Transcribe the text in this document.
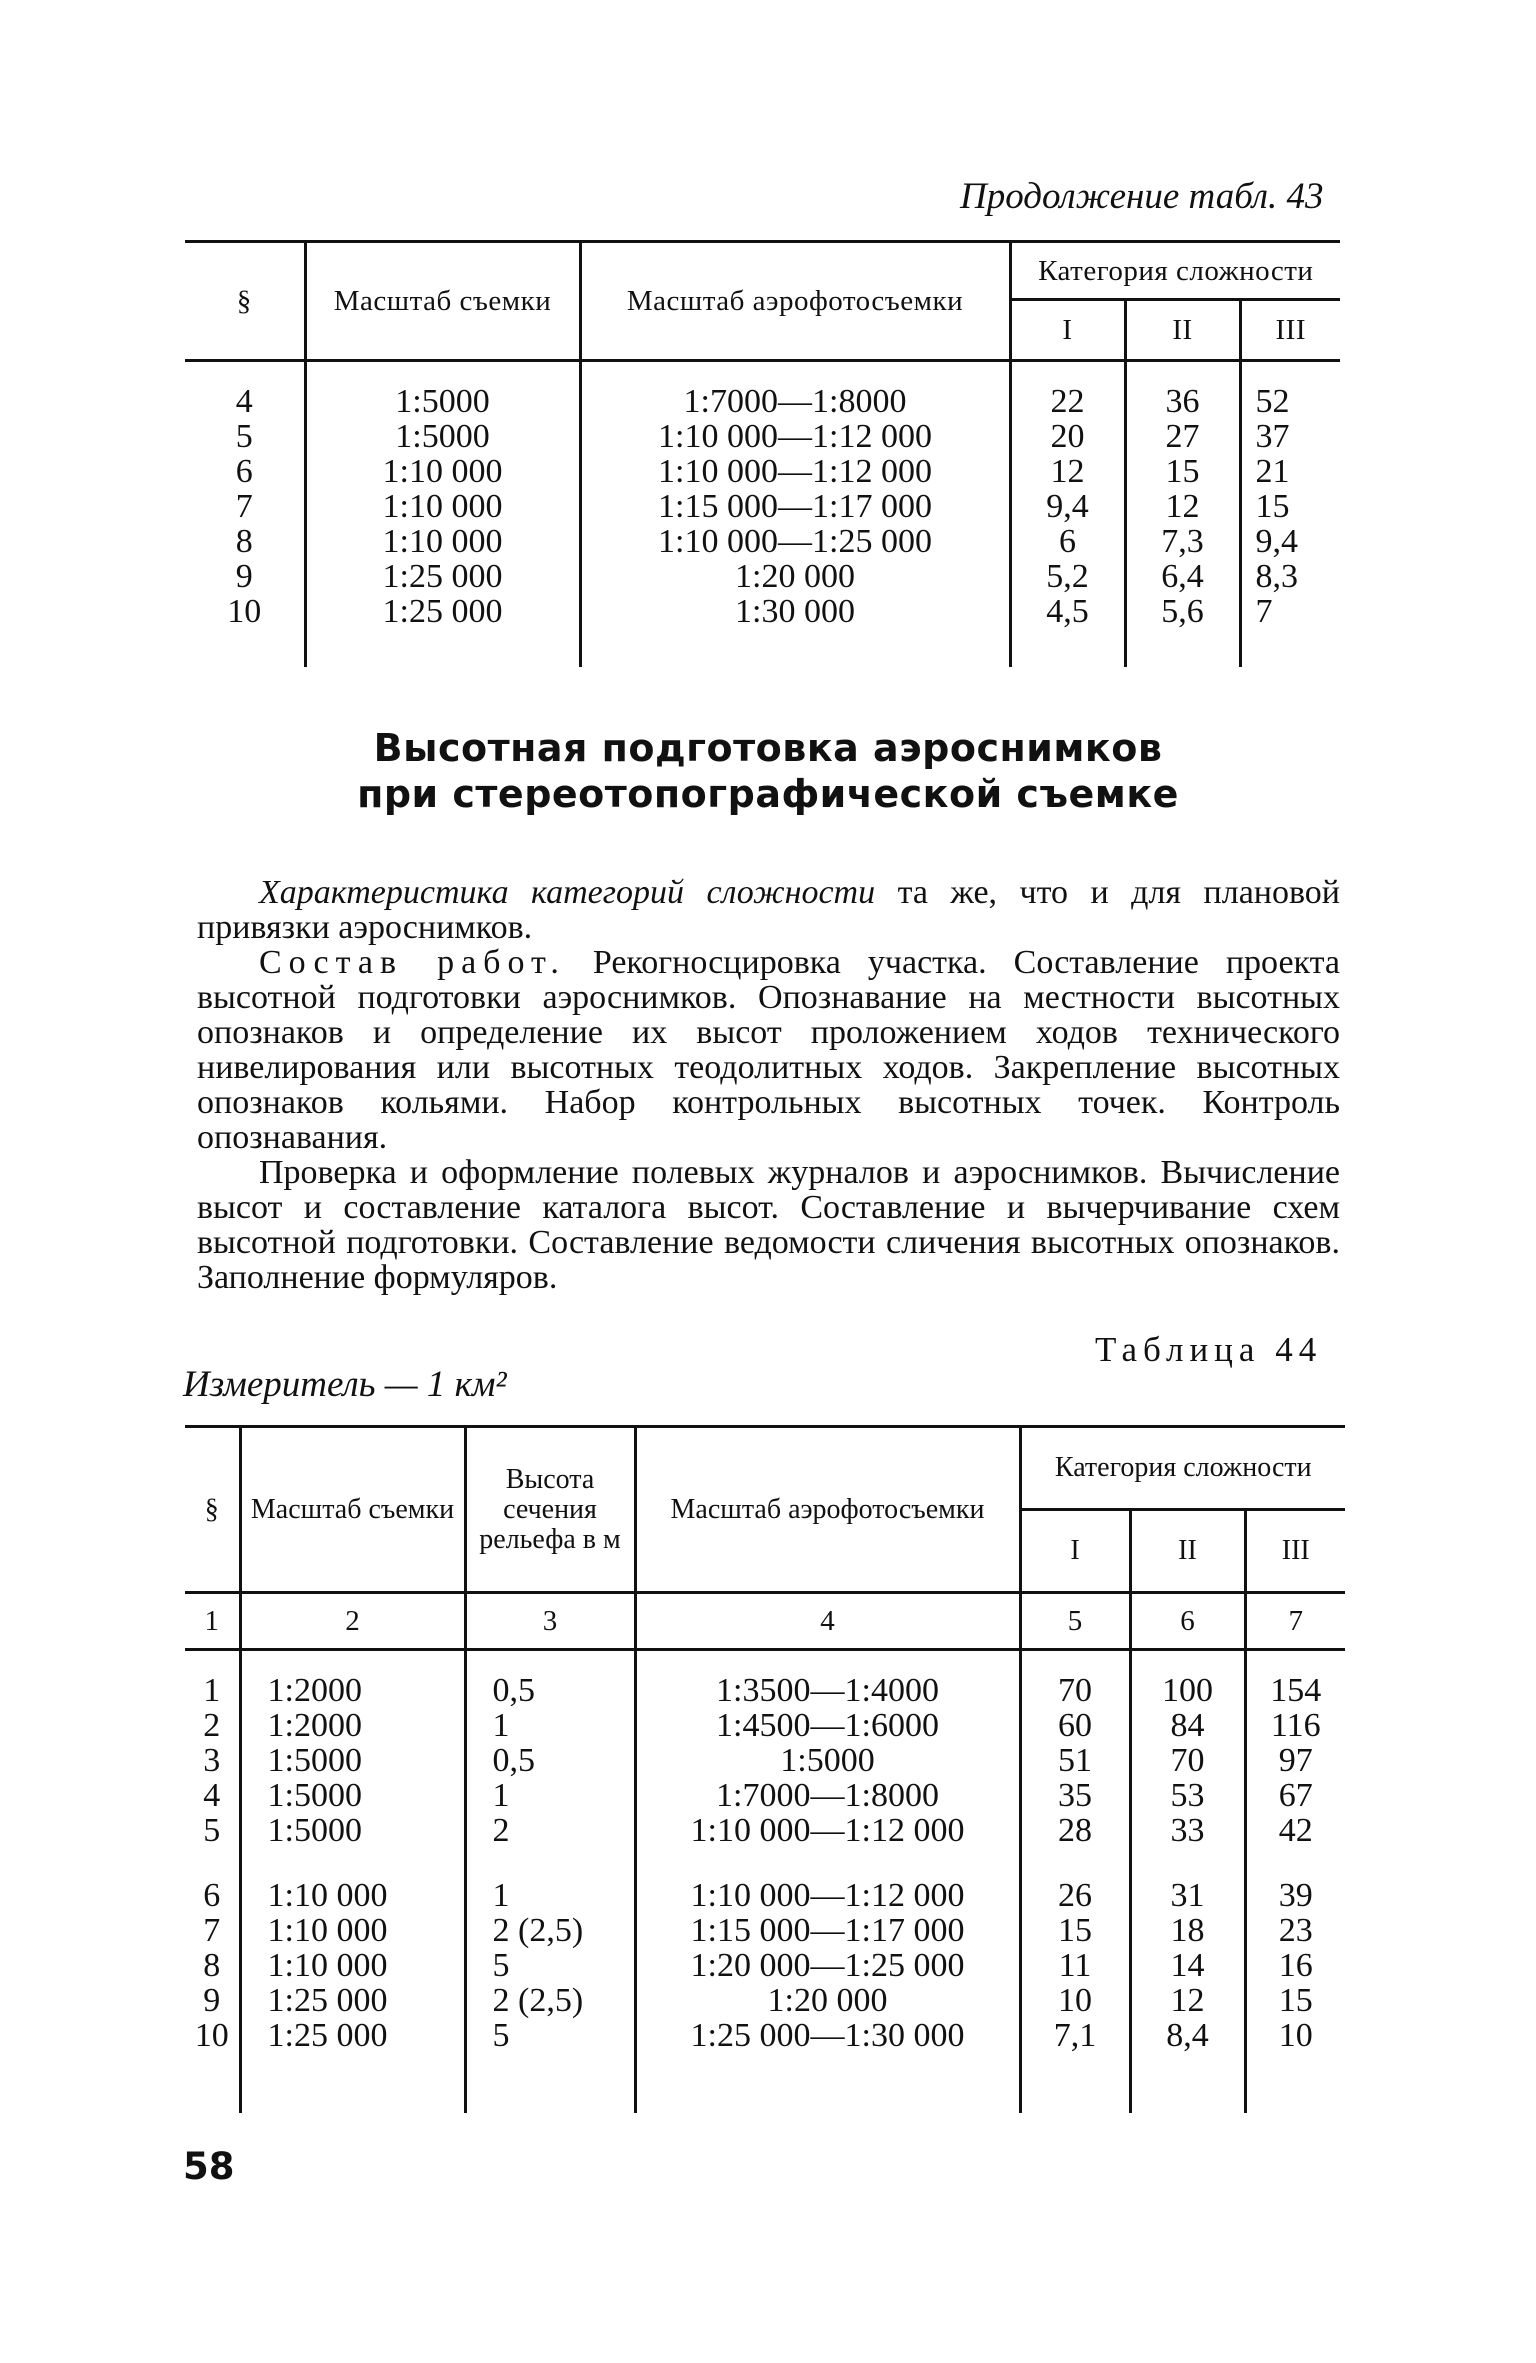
Продолжение табл. 43
§	Масштаб съемки	Масштаб аэрофотосъемки	Категория сложности		
			I	II	III

4	1:5000	1:7000—1:8000	22	36	52
5	1:5000	1:10 000—1:12 000	20	27	37
6	1:10 000	1:10 000—1:12 000	12	15	21
7	1:10 000	1:15 000—1:17 000	9,4	12	15
8	1:10 000	1:10 000—1:25 000	6	7,3	9,4
9	1:25 000	1:20 000	5,2	6,4	8,3
10	1:25 000	1:30 000	4,5	5,6	7

Высотная подготовка аэроснимков
при стереотопографической съемке
Характеристика категорий сложности та же, что и для плановой привязки аэроснимков.
Состав работ. Рекогносцировка участка. Составление проекта высотной подготовки аэроснимков. Опознавание на местности высотных опознаков и определение их высот проложением ходов технического нивелирования или высотных теодолитных ходов. Закрепление высотных опознаков кольями. Набор контрольных высотных точек. Контроль опознавания.
Проверка и оформление полевых журналов и аэроснимков. Вычисление высот и составление каталога высот. Составление и вычерчивание схем высотной подготовки. Составление ведомости сличения высотных опознаков. Заполнение формуляров.
Таблица 44
Измеритель — 1 км²
§	Масштаб съемки	Высота сечения рельефа в м	Масштаб аэрофотосъемки	Категория сложности		
				I	II	III
1	2	3	4	5	6	7

1	1:2000	0,5	1:3500—1:4000	70	100	154
2	1:2000	1	1:4500—1:6000	60	84	116
3	1:5000	0,5	1:5000	51	70	97
4	1:5000	1	1:7000—1:8000	35	53	67
5	1:5000	2	1:10 000—1:12 000	28	33	42

6	1:10 000	1	1:10 000—1:12 000	26	31	39
7	1:10 000	2 (2,5)	1:15 000—1:17 000	15	18	23
8	1:10 000	5	1:20 000—1:25 000	11	14	16
9	1:25 000	2 (2,5)	1:20 000	10	12	15
10	1:25 000	5	1:25 000—1:30 000	7,1	8,4	10

58
